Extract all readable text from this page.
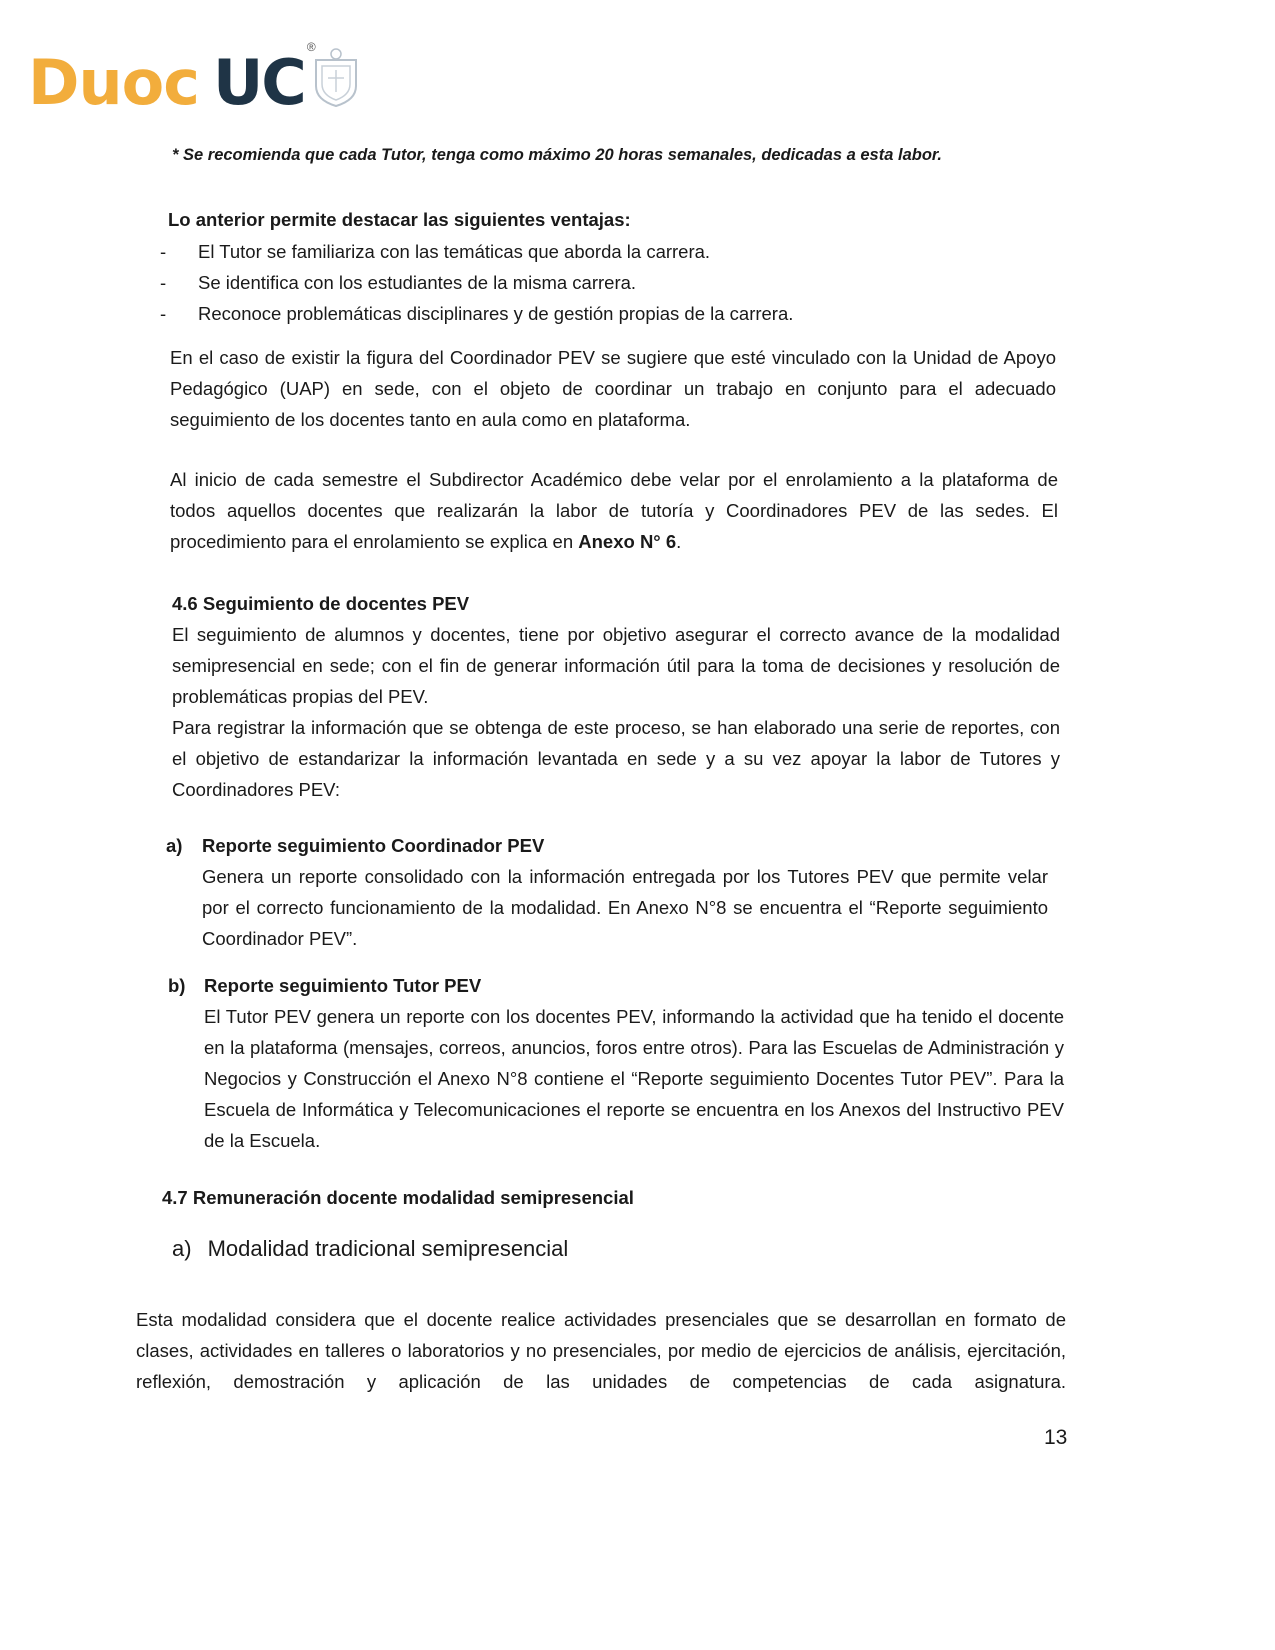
Duoc UC ®
* Se recomienda que cada Tutor, tenga como máximo 20 horas semanales, dedicadas a esta labor.
Lo anterior permite destacar las siguientes ventajas:
-	El Tutor se familiariza con las temáticas que aborda la carrera.
-	Se identifica con los estudiantes de la misma carrera.
-	Reconoce problemáticas disciplinares y de gestión propias de la carrera.

En el caso de existir la figura del Coordinador PEV se sugiere que esté vinculado con la Unidad de Apoyo Pedagógico (UAP) en sede, con el objeto de coordinar un trabajo en conjunto para el adecuado seguimiento de los docentes tanto en aula como en plataforma.

Al inicio de cada semestre el Subdirector Académico debe velar por el enrolamiento a la plataforma de todos aquellos docentes que realizarán la labor de tutoría y Coordinadores PEV de las sedes. El procedimiento para el enrolamiento se explica en Anexo N° 6.

4.6 Seguimiento de docentes PEV

El seguimiento de alumnos y docentes, tiene por objetivo asegurar el correcto avance de la modalidad semipresencial en sede; con el fin de generar información útil para la toma de decisiones y resolución de problemáticas propias del PEV.

Para registrar la información que se obtenga de este proceso, se han elaborado una serie de reportes, con el objetivo de estandarizar la información levantada en sede y a su vez apoyar la labor de Tutores y Coordinadores PEV:

a) Reporte seguimiento Coordinador PEV
Genera un reporte consolidado con la información entregada por los Tutores PEV que permite velar por el correcto funcionamiento de la modalidad. En Anexo N°8 se encuentra el “Reporte seguimiento Coordinador PEV”.
b) Reporte seguimiento Tutor PEV
El Tutor PEV genera un reporte con los docentes PEV, informando la actividad que ha tenido el docente en la plataforma (mensajes, correos, anuncios, foros entre otros). Para las Escuelas de Administración y Negocios y Construcción el Anexo N°8 contiene el “Reporte seguimiento Docentes Tutor PEV”. Para la Escuela de Informática y Telecomunicaciones el reporte se encuentra en los Anexos del Instructivo PEV de la Escuela.
4.7 Remuneración docente modalidad semipresencial
a) Modalidad tradicional semipresencial

Esta modalidad considera que el docente realice actividades presenciales que se desarrollan en formato de clases, actividades en talleres o laboratorios y no presenciales, por medio de ejercicios de análisis, ejercitación, reflexión, demostración y aplicación de las unidades de competencias de cada asignatura.

13
